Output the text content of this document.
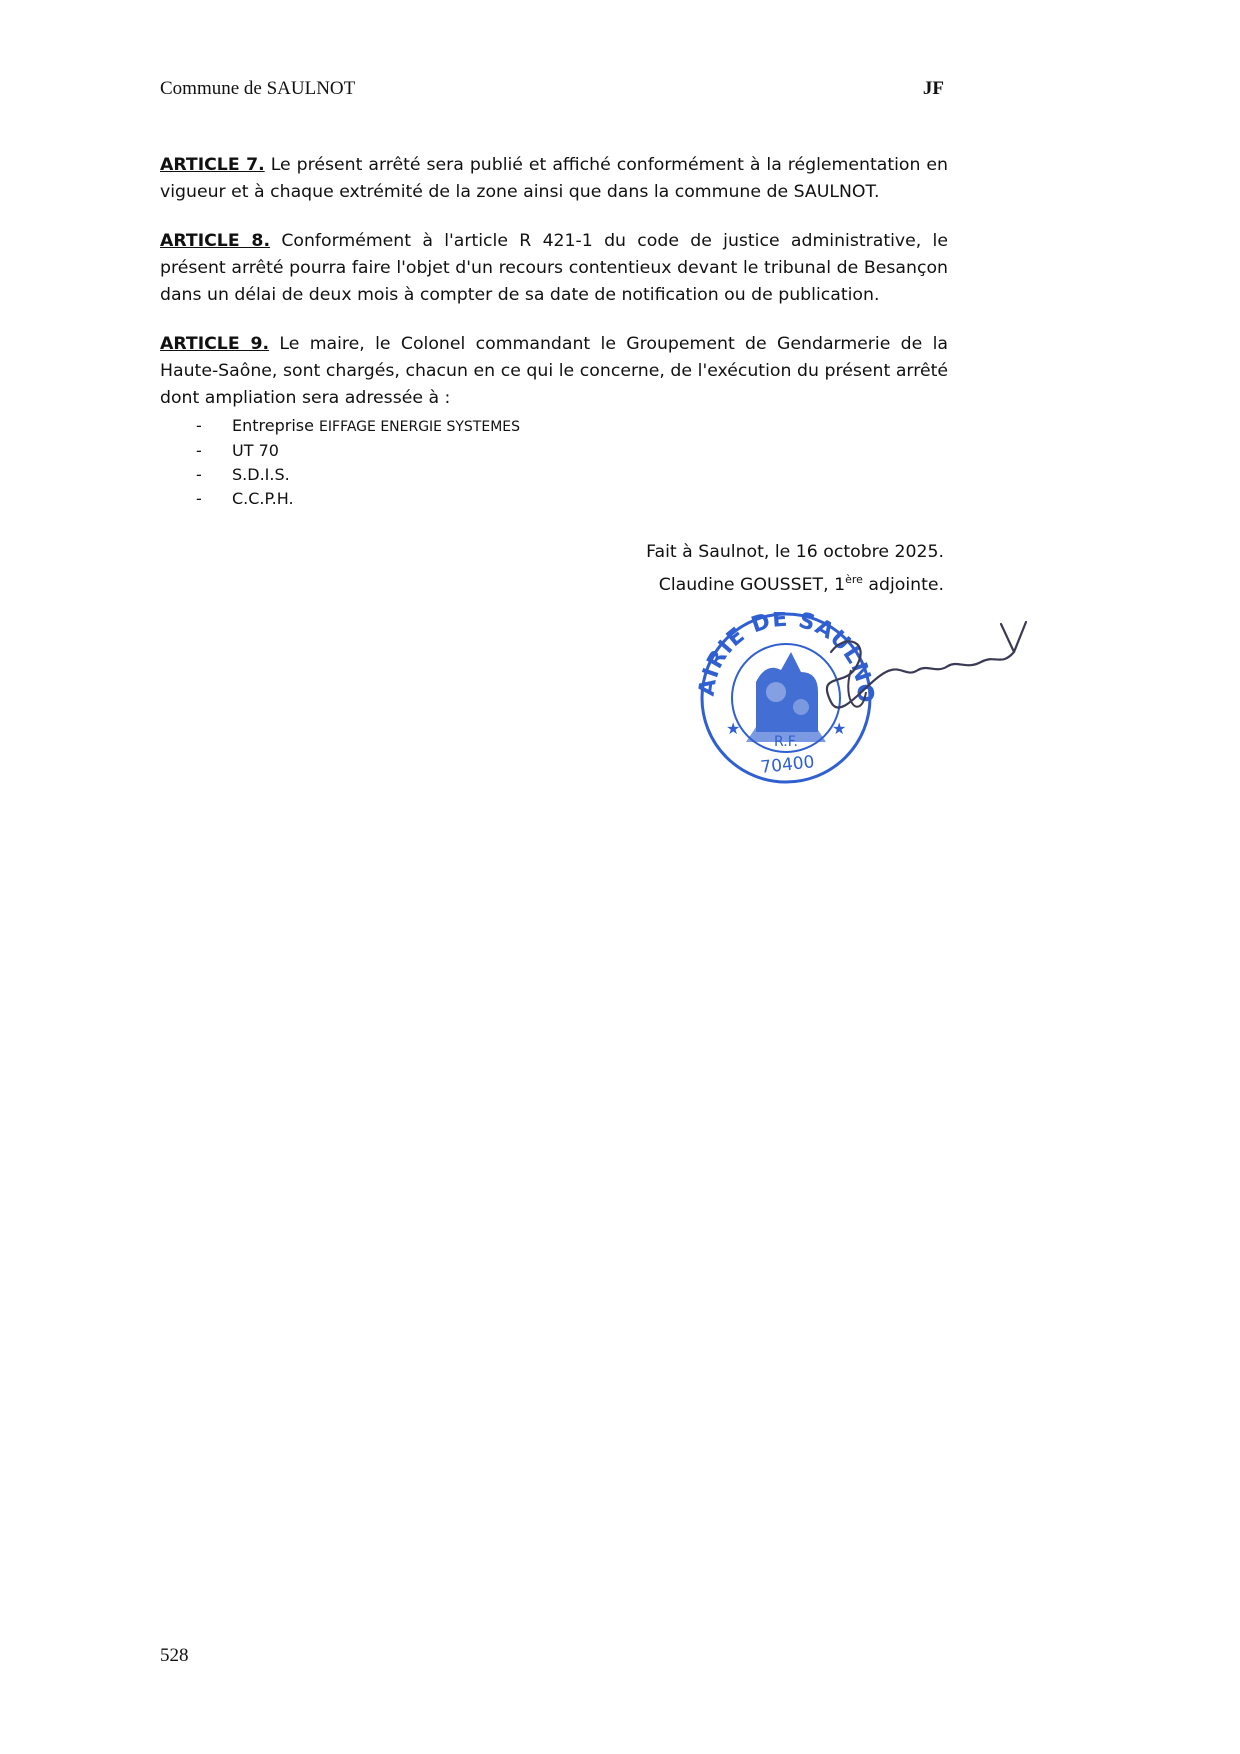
Commune de SAULNOT	JF

ARTICLE 7. Le présent arrêté sera publié et affiché conformément à la réglementation en vigueur et à chaque extrémité de la zone ainsi que dans la commune de SAULNOT.

ARTICLE 8. Conformément à l'article R 421-1 du code de justice administrative, le présent arrêté pourra faire l'objet d'un recours contentieux devant le tribunal de Besançon dans un délai de deux mois à compter de sa date de notification ou de publication.

ARTICLE 9. Le maire, le Colonel commandant le Groupement de Gendarmerie de la Haute-Saône, sont chargés, chacun en ce qui le concerne, de l'exécution du présent arrêté dont ampliation sera adressée à :

- Entreprise EIFFAGE ENERGIE SYSTEMES
- UT 70
- S.D.I.S.
- C.C.P.H.
Fait à Saulnot, le 16 octobre 2025.
Claudine GOUSSET, 1ère adjointe.
AIRIE DE SAULNO
★	★
R.F.
70400
528
